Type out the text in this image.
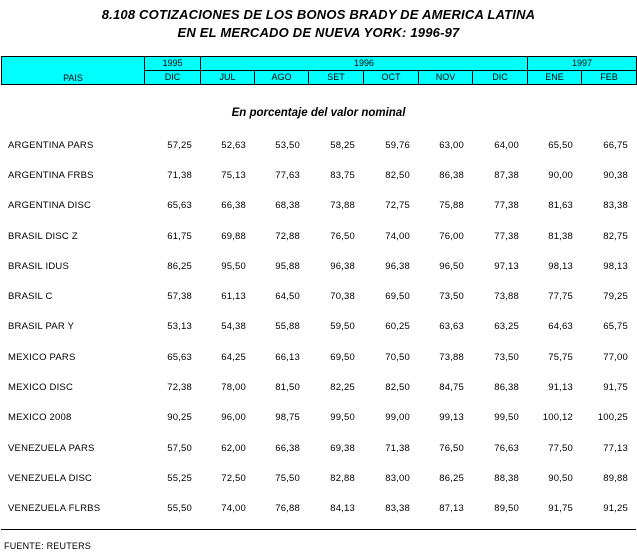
8.108 COTIZACIONES DE LOS BONOS BRADY DE AMERICA LATINA
EN EL MERCADO DE NUEVA YORK: 1996-97
PAIS	1995	1996						1997	
	DIC	JUL	AGO	SET	OCT	NOV	DIC	ENE	FEB
En porcentaje del valor nominal
ARGENTINA PARS	57,25	52,63	53,50	58,25	59,76	63,00	64,00	65,50	66,75
ARGENTINA FRBS	71,38	75,13	77,63	83,75	82,50	86,38	87,38	90,00	90,38
ARGENTINA DISC	65,63	66,38	68,38	73,88	72,75	75,88	77,38	81,63	83,38
BRASIL DISC Z	61,75	69,88	72,88	76,50	74,00	76,00	77,38	81,38	82,75
BRASIL IDUS	86,25	95,50	95,88	96,38	96,38	96,50	97,13	98,13	98,13
BRASIL C	57,38	61,13	64,50	70,38	69,50	73,50	73,88	77,75	79,25
BRASIL PAR Y	53,13	54,38	55,88	59,50	60,25	63,63	63,25	64,63	65,75
MEXICO PARS	65,63	64,25	66,13	69,50	70,50	73,88	73,50	75,75	77,00
MEXICO DISC	72,38	78,00	81,50	82,25	82,50	84,75	86,38	91,13	91,75
MEXICO 2008	90,25	96,00	98,75	99,50	99,00	99,13	99,50	100,12	100,25
VENEZUELA PARS	57,50	62,00	66,38	69,38	71,38	76,50	76,63	77,50	77,13
VENEZUELA DISC	55,25	72,50	75,50	82,88	83,00	86,25	88,38	90,50	89,88
VENEZUELA FLRBS	55,50	74,00	76,88	84,13	83,38	87,13	89,50	91,75	91,25
FUENTE: REUTERS
